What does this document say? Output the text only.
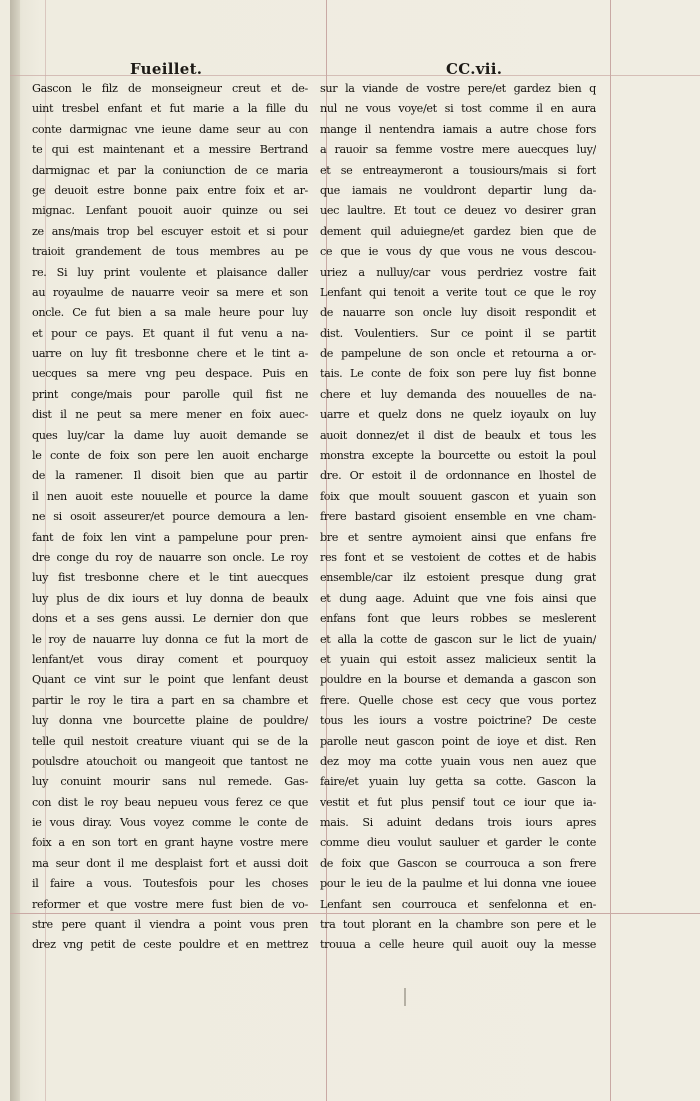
Fueillet.	CC.vii.
Gascon le filz de monseigneur creut et de-
uint tresbel enfant et fut marie a la fille du
conte darmignac vne ieune dame seur au con
te qui est maintenant et a messire Bertrand
darmignac et par la coniunction de ce maria
ge deuoit estre bonne paix entre foix et ar-
mignac. Lenfant pouoit auoir quinze ou sei
ze ans/mais trop bel escuyer estoit et si pour
traioit grandement de tous membres au pe
re. Si luy print voulente et plaisance daller
au royaulme de nauarre veoir sa mere et son
oncle. Ce fut bien a sa male heure pour luy
et pour ce pays. Et quant il fut venu a na-
uarre on luy fit tresbonne chere et le tint a-
uecques sa mere vng peu despace. Puis en
print conge/mais pour parolle quil fist ne
dist il ne peut sa mere mener en foix auec-
ques luy/car la dame luy auoit demande se
le conte de foix son pere len auoit encharge
de la ramener. Il disoit bien que au partir
il nen auoit este nouuelle et pource la dame
ne si osoit asseurer/et pource demoura a len-
fant de foix len vint a pampelune pour pren-
dre conge du roy de nauarre son oncle. Le roy
luy fist tresbonne chere et le tint auecques
luy plus de dix iours et luy donna de beaulx
dons et a ses gens aussi. Le dernier don que
le roy de nauarre luy donna ce fut la mort de
lenfant/et vous diray coment et pourquoy
Quant ce vint sur le point que lenfant deust
partir le roy le tira a part en sa chambre et
luy donna vne bourcette plaine de pouldre/
telle quil nestoit creature viuant qui se de la
poulsdre atouchoit ou mangeoit que tantost ne
luy conuint mourir sans nul remede. Gas-
con dist le roy beau nepueu vous ferez ce que
ie vous diray. Vous voyez comme le conte de
foix a en son tort en grant hayne vostre mere
ma seur dont il me desplaist fort et aussi doit
il faire a vous. Toutesfois pour les choses
reformer et que vostre mere fust bien de vo-
stre pere quant il viendra a point vous pren
drez vng petit de ceste pouldre et en mettrez
sur la viande de vostre pere/et gardez bien q
nul ne vous voye/et si tost comme il en aura
mange il nentendra iamais a autre chose fors
a rauoir sa femme vostre mere auecques luy/
et se entreaymeront a tousiours/mais si fort
que iamais ne vouldront departir lung da-
uec laultre. Et tout ce deuez vo desirer gran
dement quil aduiegne/et gardez bien que de
ce que ie vous dy que vous ne vous descou-
uriez a nulluy/car vous perdriez vostre fait
Lenfant qui tenoit a verite tout ce que le roy
de nauarre son oncle luy disoit respondit et
dist. Voulentiers. Sur ce point il se partit
de pampelune de son oncle et retourna a or-
tais. Le conte de foix son pere luy fist bonne
chere et luy demanda des nouuelles de na-
uarre et quelz dons ne quelz ioyaulx on luy
auoit donnez/et il dist de beaulx et tous les
monstra excepte la bourcette ou estoit la poul
dre. Or estoit il de ordonnance en lhostel de
foix que moult souuent gascon et yuain son
frere bastard gisoient ensemble en vne cham-
bre et sentre aymoient ainsi que enfans fre
res font et se vestoient de cottes et de habis
ensemble/car ilz estoient presque dung grat
et dung aage. Aduint que vne fois ainsi que
enfans font que leurs robbes se meslerent
et alla la cotte de gascon sur le lict de yuain/
et yuain qui estoit assez malicieux sentit la
pouldre en la bourse et demanda a gascon son
frere. Quelle chose est cecy que vous portez
tous les iours a vostre poictrine? De ceste
parolle neut gascon point de ioye et dist. Ren
dez moy ma cotte yuain vous nen auez que
faire/et yuain luy getta sa cotte. Gascon la
vestit et fut plus pensif tout ce iour que ia-
mais. Si aduint dedans trois iours apres
comme dieu voulut sauluer et garder le conte
de foix que Gascon se courrouca a son frere
pour le ieu de la paulme et lui donna vne iouee
Lenfant sen courrouca et senfelonna et en-
tra tout plorant en la chambre son pere et le
trouua a celle heure quil auoit ouy la messe
